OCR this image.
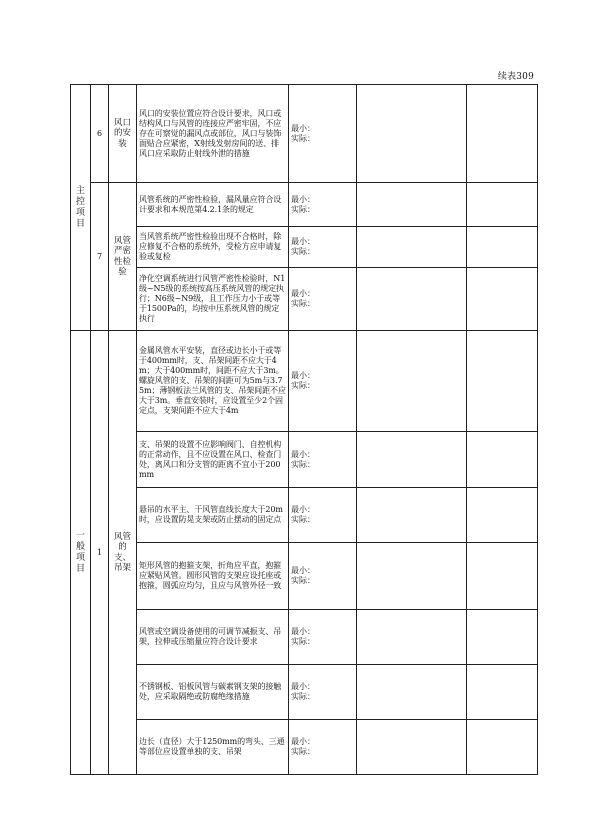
续表309
主控项目	6	风口的安装	风口的安装位置应符合设计要求，风口或结构风口与风管的连接应严密牢固，不应存在可察觉的漏风点或部位，风口与装饰面贴合应紧密，X射线发射房间的送、排风口应采取防止射线外泄的措施	最小：
实际：		

	7	风管严密性检验	风管系统的严密性检验，漏风量应符合设计要求和本规范第4.2.1条的规定	最小：
实际：		

			当风管系统严密性检验出现不合格时，除应修复不合格的系统外，受检方应申请复验或复检	最小：
实际：		

			净化空调系统进行风管严密性检验时，N1级~N5级的系统按高压系统风管的规定执行；N6级~N9级，且工作压力小于或等于1500Pa的，均按中压系统风管的规定执行	最小：
实际：		

一般项目	1	风管的支、吊架	金属风管水平安装，直径或边长小于或等于400mm时，支、吊架间距不应大于4m；大于400mm时，间距不应大于3m。螺旋风管的支、吊架的间距可为5m与3.75m；薄钢板法兰风管的支、吊架间距不应大于3m。垂直安装时，应设置至少2个固定点，支架间距不应大于4m	最小：
实际：		

			支、吊架的设置不应影响阀门、自控机构的正常动作，且不应设置在风口、检查门处，离风口和分支管的距离不宜小于200mm	最小：
实际：		

			悬吊的水平主、干风管直线长度大于20m时，应设置防晃支架或防止摆动的固定点	最小：
实际：		

			矩形风管的抱箍支架，折角应平直，抱箍应紧贴风管。圆形风管的支架应设托座或抱箍，圆弧应均匀，且应与风管外径一致	最小：
实际：		

			风管或空调设备使用的可调节减振支、吊架，拉伸或压缩量应符合设计要求	最小：
实际：		

			不锈钢板、铝板风管与碳素钢支架的接触处，应采取隔绝或防腐绝缘措施	最小：
实际：		

			边长（直径）大于1250mm的弯头、三通等部位应设置单独的支、吊架	最小：
实际：		
